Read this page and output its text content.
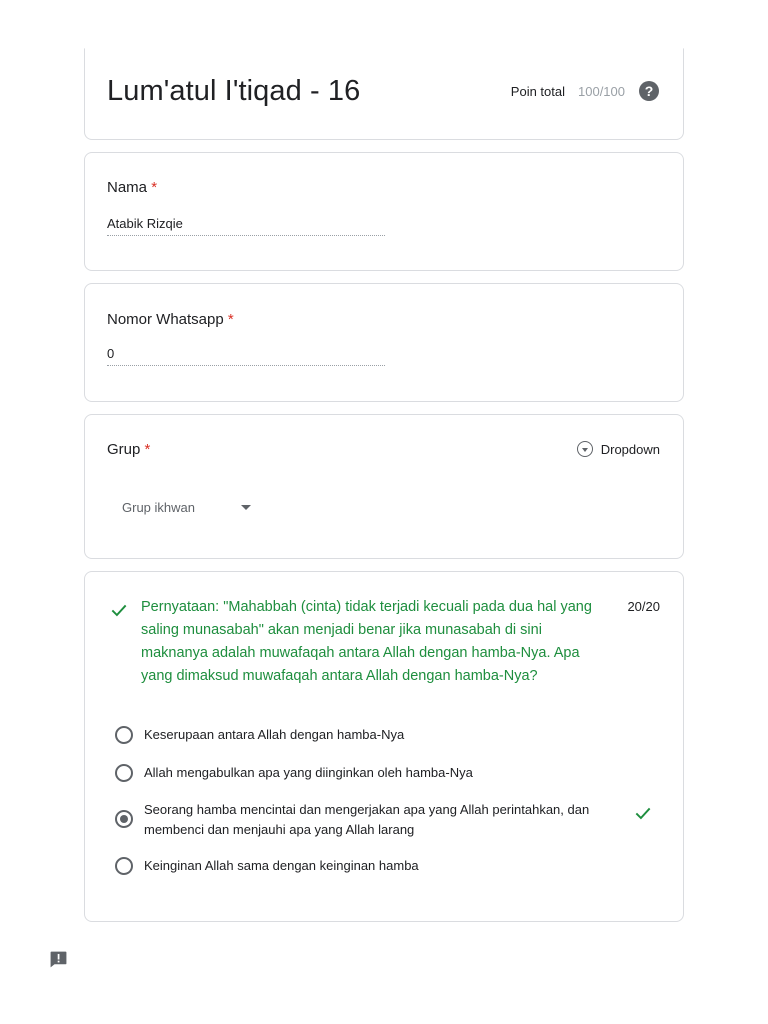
Lum'atul I'tiqad - 16	Poin total 100/100	?
Nama *
Atabik Rizqie
Nomor Whatsapp *
0
Grup *	Dropdown
Grup ikhwan
Pernyataan: "Mahabbah (cinta) tidak terjadi kecuali pada dua hal yang saling munasabah" akan menjadi benar jika munasabah di sini maknanya adalah muwafaqah antara Allah dengan hamba-Nya. Apa yang dimaksud muwafaqah antara Allah dengan hamba-Nya?
20/20
Keserupaan antara Allah dengan hamba-Nya
Allah mengabulkan apa yang diinginkan oleh hamba-Nya
Seorang hamba mencintai dan mengerjakan apa yang Allah perintahkan, dan membenci dan menjauhi apa yang Allah larang
Keinginan Allah sama dengan keinginan hamba
